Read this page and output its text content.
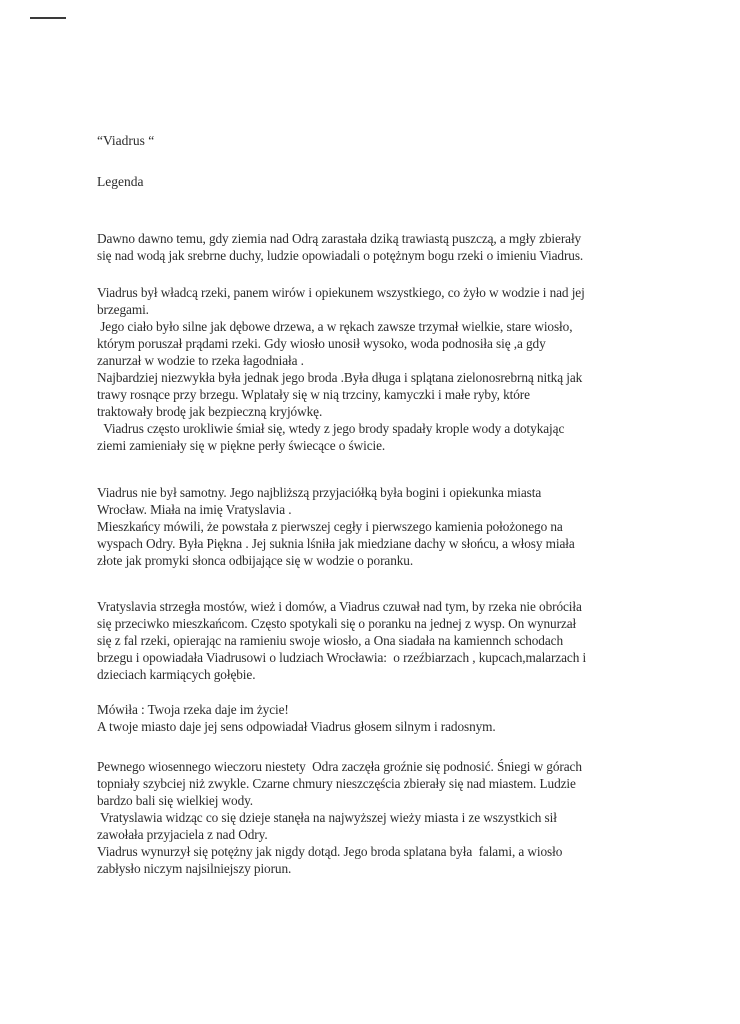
“Viadrus “
Legenda
Dawno dawno temu, gdy ziemia nad Odrą zarastała dziką trawiastą puszczą, a mgły zbierały
się nad wodą jak srebrne duchy, ludzie opowiadali o potężnym bogu rzeki o imieniu Viadrus.
Viadrus był władcą rzeki, panem wirów i opiekunem wszystkiego, co żyło w wodzie i nad jej
brzegami.
Jego ciało było silne jak dębowe drzewa, a w rękach zawsze trzymał wielkie, stare wiosło,
którym poruszał prądami rzeki. Gdy wiosło unosił wysoko, woda podnosiła się ,a gdy
zanurzał w wodzie to rzeka łagodniała .
Najbardziej niezwykła była jednak jego broda .Była długa i splątana zielonosrebrną nitką jak
trawy rosnące przy brzegu. Wplatały się w nią trzciny, kamyczki i małe ryby, które
traktowały brodę jak bezpieczną kryjówkę.
Viadrus często urokliwie śmiał się, wtedy z jego brody spadały krople wody a dotykając
ziemi zamieniały się w piękne perły świecące o świcie.
Viadrus nie był samotny. Jego najbliższą przyjaciółką była bogini i opiekunka miasta
Wrocław. Miała na imię Vratyslavia .
Mieszkańcy mówili, że powstała z pierwszej cegły i pierwszego kamienia położonego na
wyspach Odry. Była Piękna . Jej suknia lśniła jak miedziane dachy w słońcu, a włosy miała
złote jak promyki słonca odbijające się w wodzie o poranku.
Vratyslavia strzegła mostów, wież i domów, a Viadrus czuwał nad tym, by rzeka nie obróciła
się przeciwko mieszkańcom. Często spotykali się o poranku na jednej z wysp. On wynurzał
się z fal rzeki, opierając na ramieniu swoje wiosło, a Ona siadała na kamiennch schodach
brzegu i opowiadała Viadrusowi o ludziach Wrocławia:  o rzeźbiarzach , kupcach,malarzach i
dzieciach karmiących gołębie.
Mówiła : Twoja rzeka daje im życie!
A twoje miasto daje jej sens odpowiadał Viadrus głosem silnym i radosnym.
Pewnego wiosennego wieczoru niestety  Odra zaczęła groźnie się podnosić. Śniegi w górach
topniały szybciej niż zwykle. Czarne chmury nieszczęścia zbierały się nad miastem. Ludzie
bardzo bali się wielkiej wody.
Vratyslawia widząc co się dzieje stanęła na najwyższej wieży miasta i ze wszystkich sił
zawołała przyjaciela z nad Odry.
Viadrus wynurzył się potężny jak nigdy dotąd. Jego broda splatana była  falami, a wiosło
zabłysło niczym najsilniejszy piorun.
